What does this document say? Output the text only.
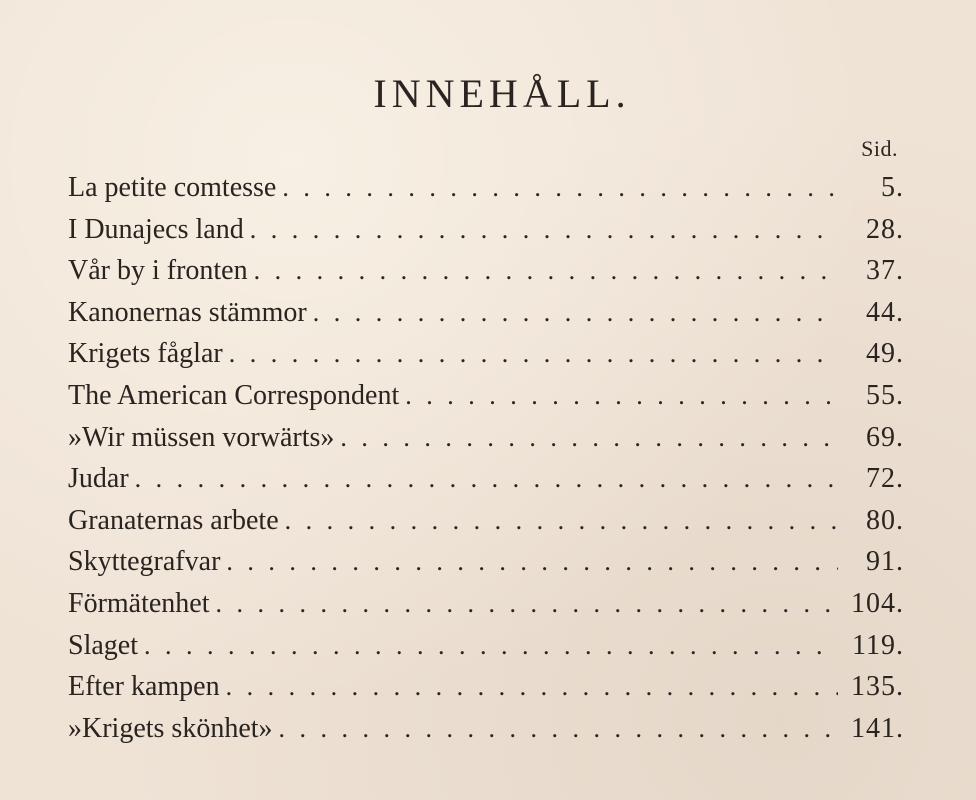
INNEHÅLL.
Sid.
La petite comtesse . . .	5.
I Dunajecs land . . .	28.
Vår by i fronten . . .	37.
Kanonernas stämmor . . .	44.
Krigets fåglar . . .	49.
The American Correspondent . . .	55.
»Wir müssen vorwärts» . . .	69.
Judar . . .	72.
Granaternas arbete . . .	80.
Skyttegrafvar . . .	91.
Förmätenhet . . .	104.
Slaget . . .	119.
Efter kampen . . .	135.
»Krigets skönhet» . . .	141.
